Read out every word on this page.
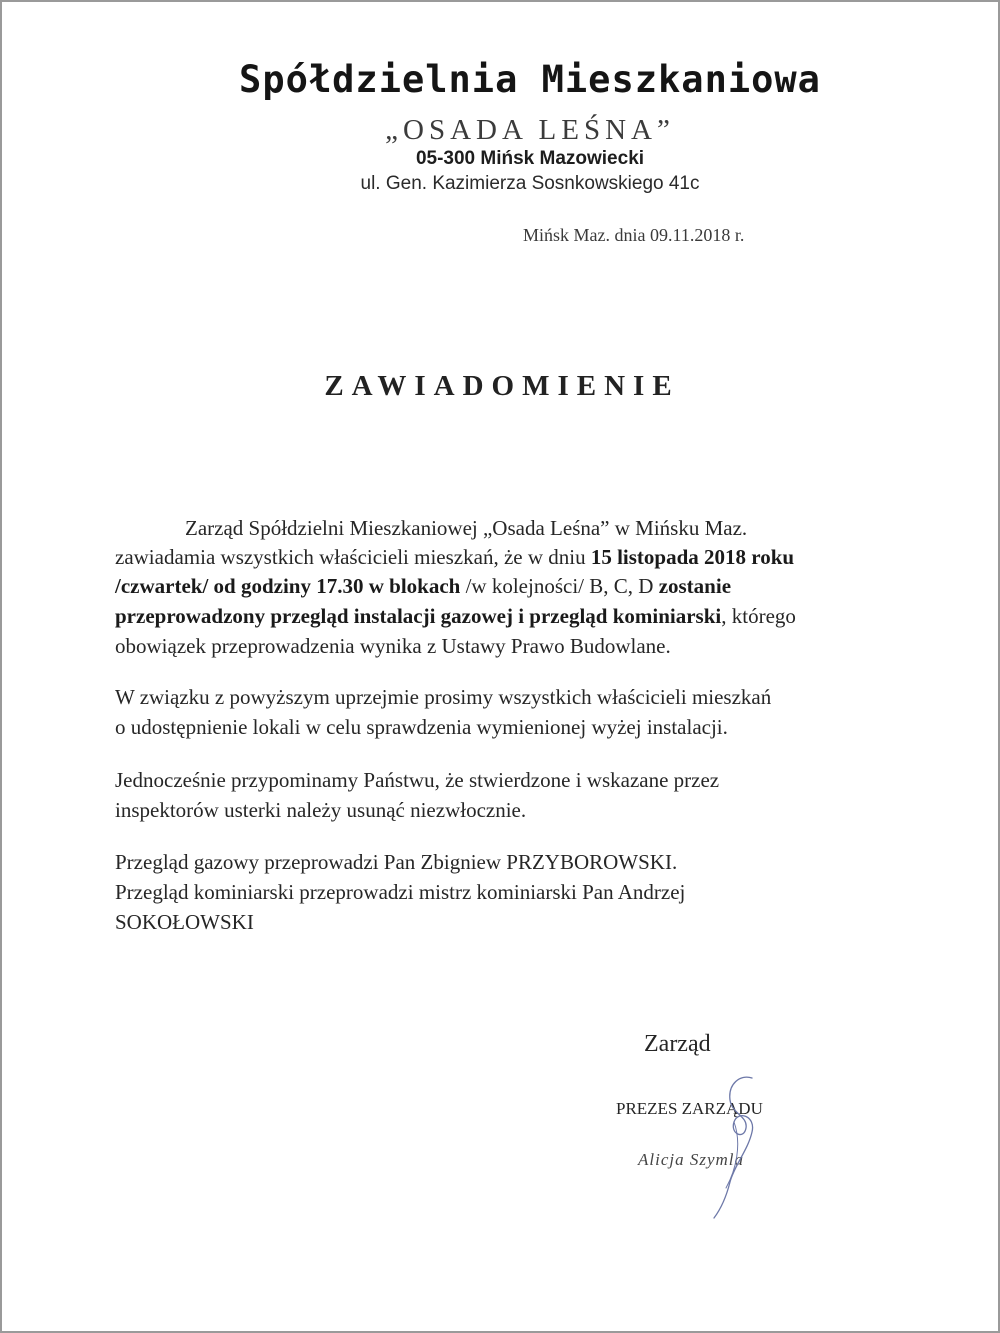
Spółdzielnia Mieszkaniowa
„OSADA LEŚNA”
05-300 Mińsk Mazowiecki
ul. Gen. Kazimierza Sosnkowskiego 41c
Mińsk Maz. dnia 09.11.2018 r.
ZAWIADOMIENIE
Zarząd Spółdzielni Mieszkaniowej „Osada Leśna” w Mińsku Maz.
zawiadamia wszystkich właścicieli mieszkań, że w dniu 15 listopada 2018 roku
/czwartek/ od godziny 17.30 w blokach /w kolejności/ B, C, D zostanie
przeprowadzony przegląd instalacji gazowej i przegląd kominiarski, którego
obowiązek przeprowadzenia wynika z Ustawy Prawo Budowlane.
W związku z powyższym uprzejmie prosimy wszystkich właścicieli mieszkań
o udostępnienie lokali w celu sprawdzenia wymienionej wyżej instalacji.
Jednocześnie przypominamy Państwu, że stwierdzone i wskazane przez
inspektorów usterki należy usunąć niezwłocznie.
Przegląd gazowy przeprowadzi Pan Zbigniew PRZYBOROWSKI.
Przegląd kominiarski przeprowadzi mistrz kominiarski Pan Andrzej
SOKOŁOWSKI
Zarząd
PREZES ZARZĄDU
Alicja Szymla
